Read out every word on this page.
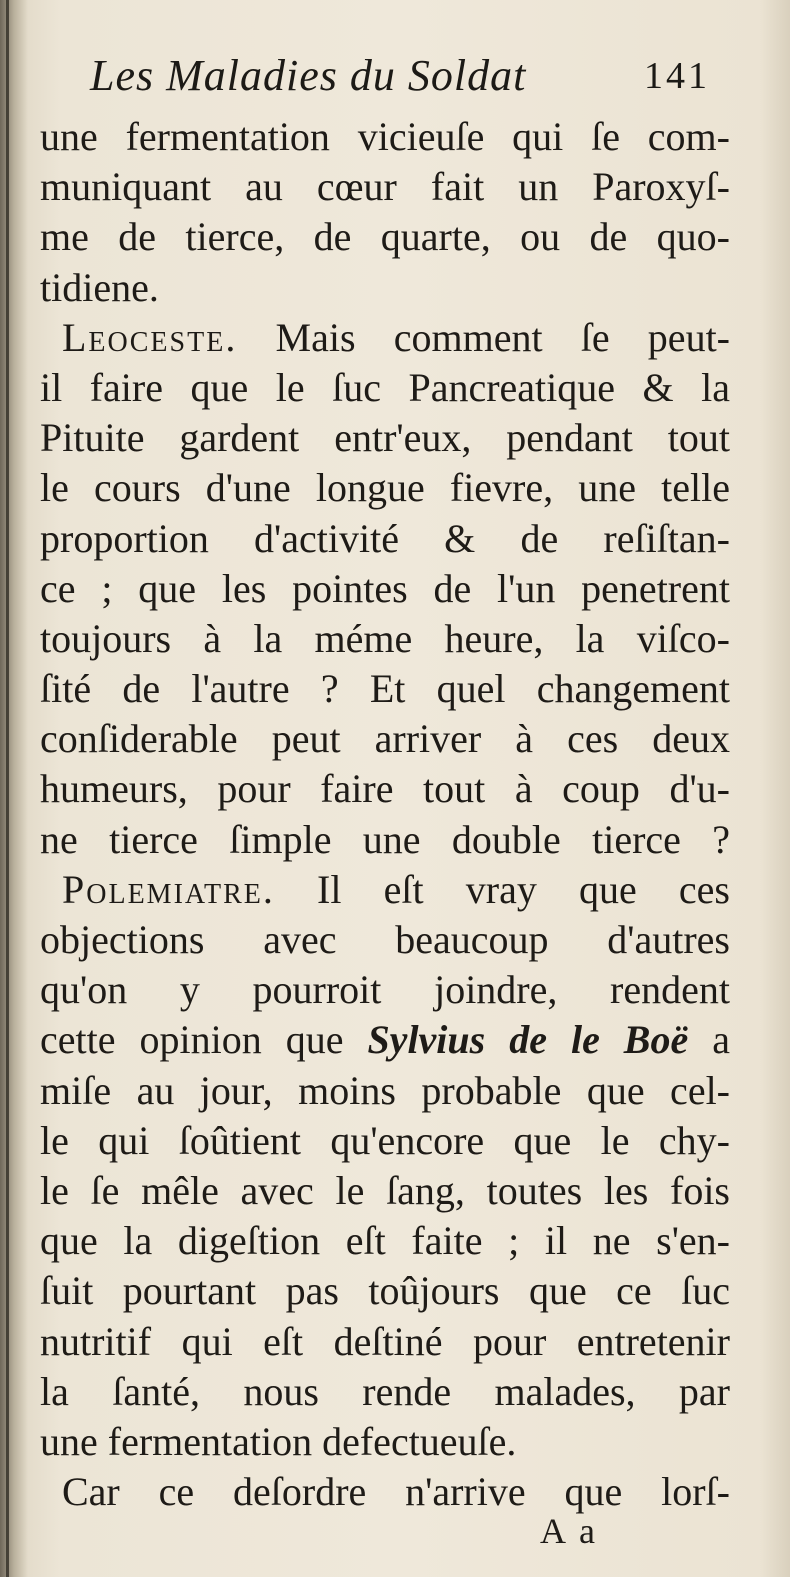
Les Maladies du Soldat	141
une fermentation vicieuſe qui ſe com-
muniquant au cœur fait un Paroxyſ-
me de tierce, de quarte, ou de quo-
tidiene.
Leoceste. Mais comment ſe peut-
il faire que le ſuc Pancreatique & la
Pituite gardent entr'eux, pendant tout
le cours d'une longue fievre, une telle
proportion d'activité & de reſiſtan-
ce ; que les pointes de l'un penetrent
toujours à la méme heure, la viſco-
ſité de l'autre ? Et quel changement
conſiderable peut arriver à ces deux
humeurs, pour faire tout à coup d'u-
ne tierce ſimple une double tierce ?
Polemiatre. Il eſt vray que ces
objections avec beaucoup d'autres
qu'on y pourroit joindre, rendent
cette opinion que Sylvius de le Boë a
miſe au jour, moins probable que cel-
le qui ſoûtient qu'encore que le chy-
le ſe mêle avec le ſang, toutes les fois
que la digeſtion eſt faite ; il ne s'en-
ſuit pourtant pas toûjours que ce ſuc
nutritif qui eſt deſtiné pour entretenir
la ſanté, nous rende malades, par
une fermentation defectueuſe.
Car ce deſordre n'arrive que lorſ-
A a
